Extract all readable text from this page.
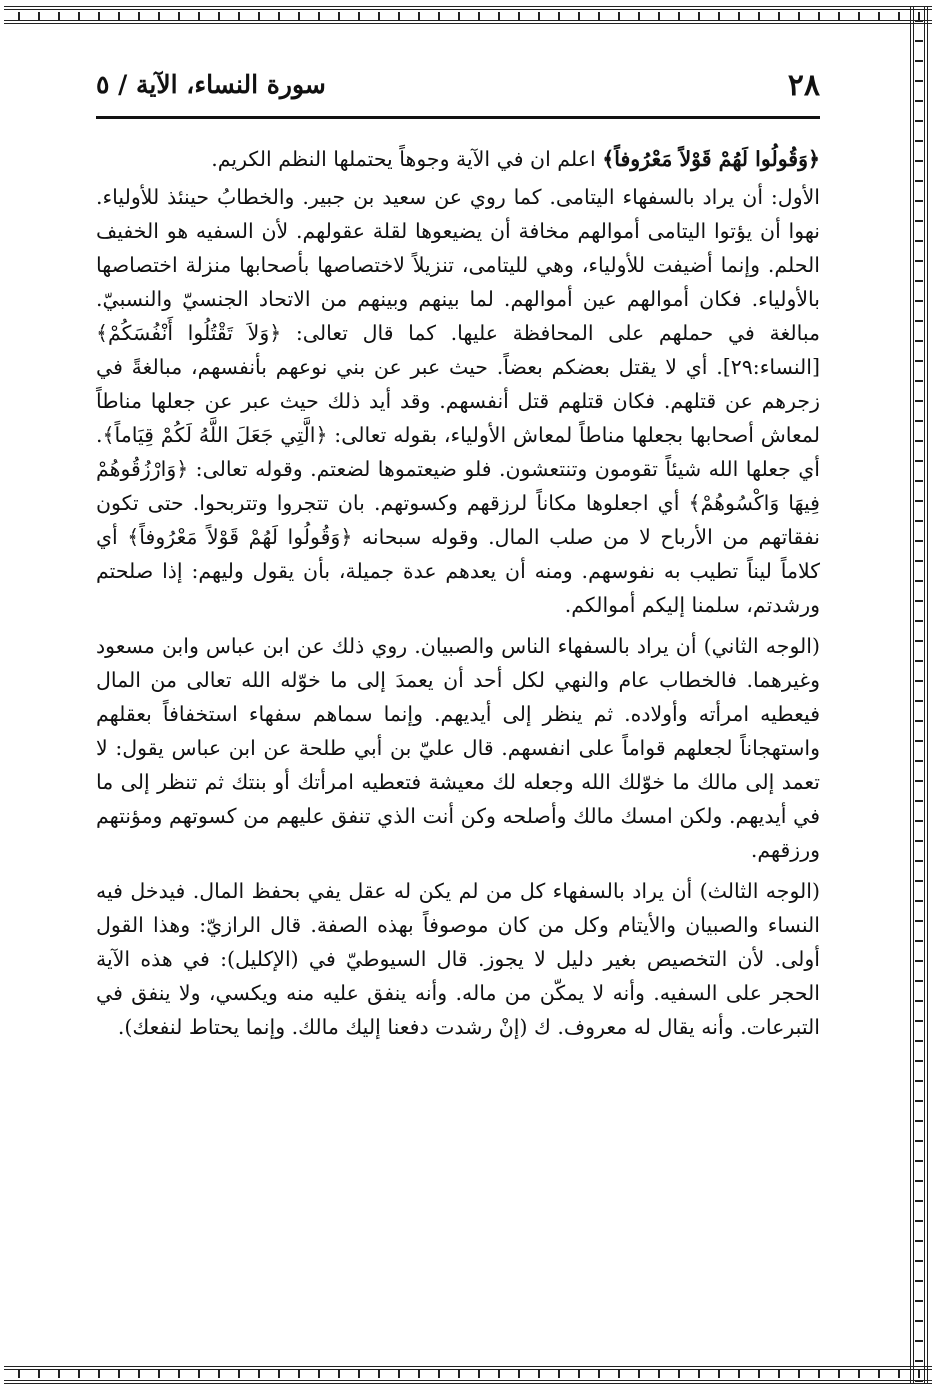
٢٨
سورة النساء، الآية / ٥

﴿وَقُولُوا لَهُمْ قَوْلاً مَعْرُوفاً﴾ اعلم ان في الآية وجوهاً يحتملها النظم الكريم.

الأول: أن يراد بالسفهاء اليتامى. كما روي عن سعيد بن جبير. والخطابُ حينئذ للأولياء. نهوا أن يؤتوا اليتامى أموالهم مخافة أن يضيعوها لقلة عقولهم. لأن السفيه هو الخفيف الحلم. وإنما أضيفت للأولياء، وهي لليتامى، تنزيلاً لاختصاصها بأصحابها منزلة اختصاصها بالأولياء. فكان أموالهم عين أموالهم. لما بينهم وبينهم من الاتحاد الجنسيّ والنسبيّ. مبالغة في حملهم على المحافظة عليها. كما قال تعالى: ﴿وَلاَ تَقْتُلُوا أَنْفُسَكُمْ﴾ [النساء:٢٩]. أي لا يقتل بعضكم بعضاً. حيث عبر عن بني نوعهم بأنفسهم، مبالغةً في زجرهم عن قتلهم. فكان قتلهم قتل أنفسهم. وقد أيد ذلك حيث عبر عن جعلها مناطاً لمعاش أصحابها بجعلها مناطاً لمعاش الأولياء، بقوله تعالى: ﴿الَّتِي جَعَلَ اللَّهُ لَكُمْ قِيَاماً﴾. أي جعلها الله شيئاً تقومون وتنتعشون. فلو ضيعتموها لضعتم. وقوله تعالى: ﴿وَارْزُقُوهُمْ فِيهَا وَاكْسُوهُمْ﴾ أي اجعلوها مكاناً لرزقهم وكسوتهم. بان تتجروا وتتربحوا. حتى تكون نفقاتهم من الأرباح لا من صلب المال. وقوله سبحانه ﴿وَقُولُوا لَهُمْ قَوْلاً مَعْرُوفاً﴾ أي كلاماً ليناً تطيب به نفوسهم. ومنه أن يعدهم عدة جميلة، بأن يقول وليهم: إذا صلحتم ورشدتم، سلمنا إليكم أموالكم.

(الوجه الثاني) أن يراد بالسفهاء الناس والصبيان. روي ذلك عن ابن عباس وابن مسعود وغيرهما. فالخطاب عام والنهي لكل أحد أن يعمدَ إلى ما خوّله الله تعالى من المال فيعطيه امرأته وأولاده. ثم ينظر إلى أيديهم. وإنما سماهم سفهاء استخفافاً بعقلهم واستهجاناً لجعلهم قواماً على انفسهم. قال عليّ بن أبي طلحة عن ابن عباس يقول: لا تعمد إلى مالك ما خوّلك الله وجعله لك معيشة فتعطيه امرأتك أو بنتك ثم تنظر إلى ما في أيديهم. ولكن امسك مالك وأصلحه وكن أنت الذي تنفق عليهم من كسوتهم ومؤنتهم ورزقهم.

(الوجه الثالث) أن يراد بالسفهاء كل من لم يكن له عقل يفي بحفظ المال. فيدخل فيه النساء والصبيان والأيتام وكل من كان موصوفاً بهذه الصفة. قال الرازيّ: وهذا القول أولى. لأن التخصيص بغير دليل لا يجوز. قال السيوطيّ في (الإكليل): في هذه الآية الحجر على السفيه. وأنه لا يمكّن من ماله. وأنه ينفق عليه منه ويكسي، ولا ينفق في التبرعات. وأنه يقال له معروف. ك (إنْ رشدت دفعنا إليك مالك. وإنما يحتاط لنفعك).
